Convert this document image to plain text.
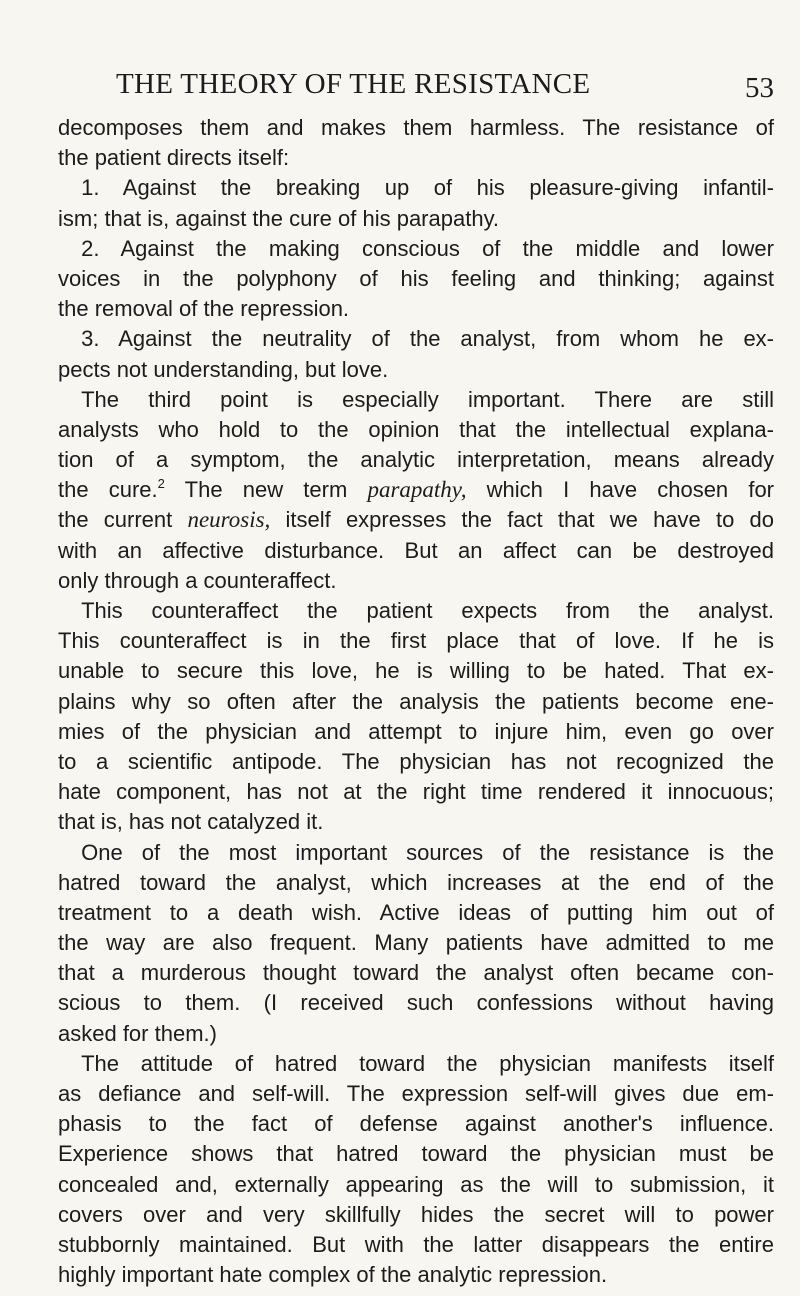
THE THEORY OF THE RESISTANCE	53
decomposes them and makes them harmless. The resistance of
the patient directs itself:
1. Against the breaking up of his pleasure-giving infantil-
ism; that is, against the cure of his parapathy.
2. Against the making conscious of the middle and lower
voices in the polyphony of his feeling and thinking; against
the removal of the repression.
3. Against the neutrality of the analyst, from whom he ex-
pects not understanding, but love.
The third point is especially important. There are still
analysts who hold to the opinion that the intellectual explana-
tion of a symptom, the analytic interpretation, means already
the cure.$^2$ The new term parapathy, which I have chosen for
the current neurosis, itself expresses the fact that we have to do
with an affective disturbance. But an affect can be destroyed
only through a counteraffect.
This counteraffect the patient expects from the analyst.
This counteraffect is in the first place that of love. If he is
unable to secure this love, he is willing to be hated. That ex-
plains why so often after the analysis the patients become ene-
mies of the physician and attempt to injure him, even go over
to a scientific antipode. The physician has not recognized the
hate component, has not at the right time rendered it innocuous;
that is, has not catalyzed it.
One of the most important sources of the resistance is the
hatred toward the analyst, which increases at the end of the
treatment to a death wish. Active ideas of putting him out of
the way are also frequent. Many patients have admitted to me
that a murderous thought toward the analyst often became con-
scious to them. (I received such confessions without having
asked for them.)
The attitude of hatred toward the physician manifests itself
as defiance and self-will. The expression self-will gives due em-
phasis to the fact of defense against another's influence.
Experience shows that hatred toward the physician must be
concealed and, externally appearing as the will to submission, it
covers over and very skillfully hides the secret will to power
stubbornly maintained. But with the latter disappears the entire
highly important hate complex of the analytic repression.
